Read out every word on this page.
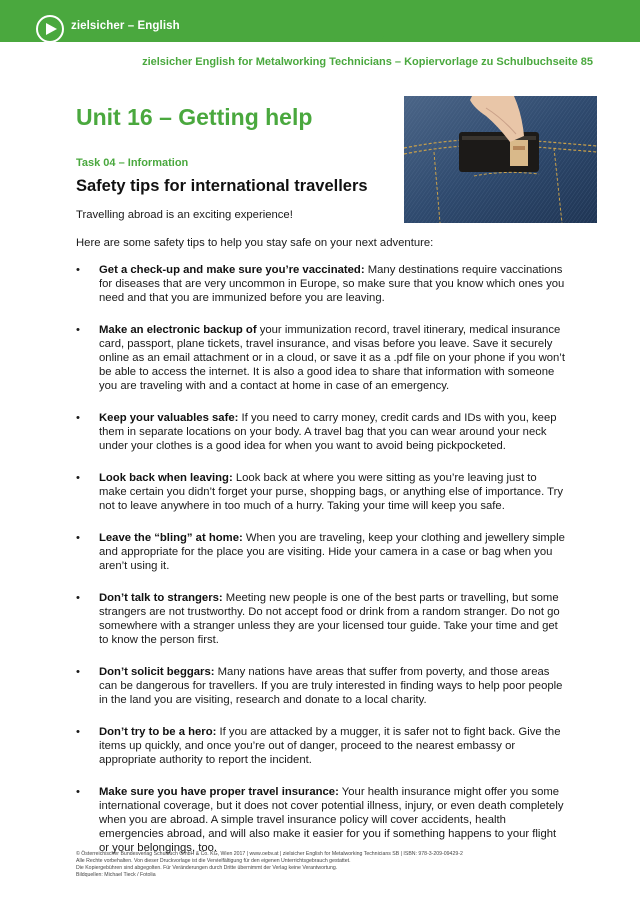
zielsicher – English
zielsicher English for Metalworking Technicians – Kopiervorlage zu Schulbuchseite 85
Unit 16 – Getting help
Task 04 – Information
Safety tips for international travellers
Travelling abroad is an exciting experience!
Here are some safety tips to help you stay safe on your next adventure:
• Get a check-up and make sure you’re vaccinated: Many destinations require vaccinations for diseases that are very uncommon in Europe, so make sure that you know which ones you need and that you are immunized before you are leaving.
• Make an electronic backup of your immunization record, travel itinerary, medical insurance card, passport, plane tickets, travel insurance, and visas before you leave. Save it securely online as an email attachment or in a cloud, or save it as a .pdf file on your phone if you won’t be able to access the internet. It is also a good idea to share that information with someone you are traveling with and a contact at home in case of an emergency.
• Keep your valuables safe: If you need to carry money, credit cards and IDs with you, keep them in separate locations on your body. A travel bag that you can wear around your neck under your clothes is a good idea for when you want to avoid being pickpocketed.
• Look back when leaving: Look back at where you were sitting as you’re leaving just to make certain you didn’t forget your purse, shopping bags, or anything else of importance. Try not to leave anywhere in too much of a hurry. Taking your time will keep you safe.
• Leave the “bling” at home: When you are traveling, keep your clothing and jewellery simple and appropriate for the place you are visiting. Hide your camera in a case or bag when you aren’t using it.
• Don’t talk to strangers: Meeting new people is one of the best parts or travelling, but some strangers are not trustworthy. Do not accept food or drink from a random stranger. Do not go somewhere with a stranger unless they are your licensed tour guide. Take your time and get to know the person first.
• Don’t solicit beggars: Many nations have areas that suffer from poverty, and those areas can be dangerous for travellers. If you are truly interested in finding ways to help poor people in the land you are visiting, research and donate to a local charity.
• Don’t try to be a hero: If you are attacked by a mugger, it is safer not to fight back. Give the items up quickly, and once you’re out of danger, proceed to the nearest embassy or appropriate authority to report the incident.
• Make sure you have proper travel insurance: Your health insurance might offer you some international coverage, but it does not cover potential illness, injury, or even death completely when you are abroad. A simple travel insurance policy will cover accidents, health emergencies abroad, and will also make it easier for you if something happens to your flight or your belongings, too.
© Österreichischer Bundesverlag Schulbuch GmbH & Co. KG, Wien 2017 | www.oebv.at | zielsicher English for Metalworking Technicians SB | ISBN: 978-3-209-09429-2
Alle Rechte vorbehalten. Von dieser Druckvorlage ist die Vervielfältigung für den eigenen Unterrichtsgebrauch gestattet.
Die Kopiergebühren sind abgegolten. Für Veränderungen durch Dritte übernimmt der Verlag keine Verantwortung.
Bildquellen: Michael Tieck / Fotolia
